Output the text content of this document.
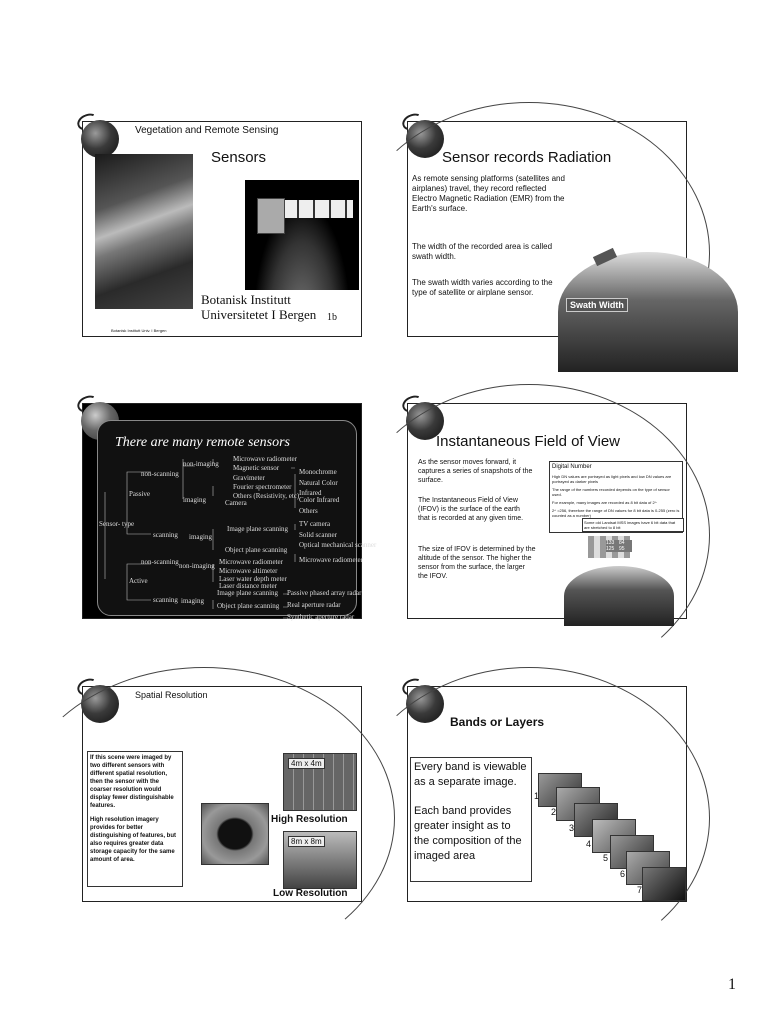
Vegetation and Remote Sensing
Sensors
Botanisk Institutt
Universitetet I Bergen 1b
Botanisk Institutt Univ. I Bergen
Sensor records Radiation
As remote sensing platforms (satellites and airplanes) travel, they record reflected Electro Magnetic Radiation (EMR) from the Earth's surface.
The width of the recorded area is called swath width.
The swath width varies according to the type of satellite or airplane sensor.
Swath Width
There are many remote sensors
Sensor- type
Passive
Active
non-scanning
non-imaging
imaging
scanning imaging
Microwave radiometer
Magnetic sensor
Gravimeter
Fourier spectrometer
Others (Resistivity, etc)
Camera
Monochrome
Natural Color
Infrared
Color Infrared
Others
Image plane scanning
TV camera
Solid scanner
Object plane scanning
Optical mechanical scanner
Microwave radiometer
non-scanning non-imaging Microwave radiometer
Microwave altimeter
Laser water depth meter
Laser distance meter
scanning imaging
Image plane scanning Passive phased array radar
Object plane scanning Real aperture radar
Synthetic aperture radar
Instantaneous Field of View
As the sensor moves forward, it captures a series of snapshots of the surface.
The Instantaneous Field of View (IFOV) is the surface of the earth that is recorded at any given time.
The size of IFOV is determined by the altitude of the sensor. The higher the sensor from the surface, the larger the IFOV.
Digital Number
High DN values are portrayed as light pixels and low DN values are portrayed as darker pixels
The range of the numbers recorded depends on the type of sensor used.
For example, many images are recorded as 8 bit data of 2^
2^ =256, therefore the range of DN values for 8 bit data is 0-255 (zero is counted as a number)
Some old Landsat MSS images have 6 bit data that are stretched to 8 bit
133 84
125 95
Spatial Resolution
If this scene were imaged by two different sensors with different spatial resolution, then the sensor with the coarser resolution would display fewer distinguishable features.
High resolution imagery provides for better distinguishing of features, but also requires greater data storage capacity for the same amount of area.
4m x 4m
High Resolution
8m x 8m
Low Resolution
Bands or Layers
Every band is viewable as a separate image.
Each band provides greater insight as to the composition of the imaged area
1
2
3
4
5
6
7
1
